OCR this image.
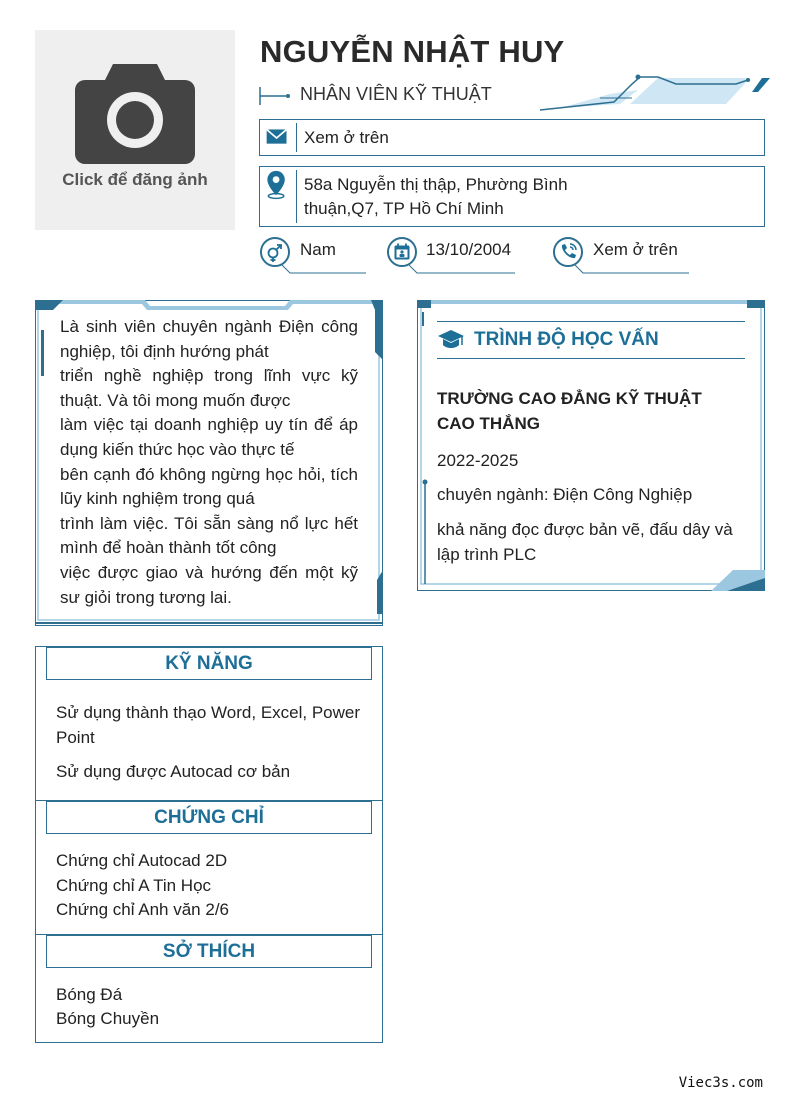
Click để đăng ảnh
NGUYỄN NHẬT HUY
NHÂN VIÊN KỸ THUẬT
Xem ở trên
58a Nguyễn thị thập, Phường Bình
thuận,Q7, TP Hồ Chí Minh
Nam	13/10/2004	Xem ở trên
Là sinh viên chuyên ngành Điện công nghiệp, tôi định hướng phát
triển nghề nghiệp trong lĩnh vực kỹ thuật. Và tôi mong muốn được
làm việc tại doanh nghiệp uy tín để áp dụng kiến thức học vào thực tế
bên cạnh đó không ngừng học hỏi, tích lũy kinh nghiệm trong quá
trình làm việc. Tôi sẵn sàng nổ lực hết mình để hoàn thành tốt công
việc được giao và hướng đến một kỹ sư giỏi trong tương lai.
TRÌNH ĐỘ HỌC VẤN
TRƯỜNG CAO ĐẲNG KỸ THUẬT CAO THẮNG
2022-2025
chuyên ngành: Điện Công Nghiệp
khả năng đọc được bản vẽ, đấu dây và lập trình PLC
KỸ NĂNG
Sử dụng thành thạo Word, Excel, Power Point
Sử dụng được Autocad cơ bản
CHỨNG CHỈ
Chứng chỉ Autocad 2D
Chứng chỉ A Tin Học
Chứng chỉ Anh văn 2/6
SỞ THÍCH
Bóng Đá
Bóng Chuyền
Viec3s.com
